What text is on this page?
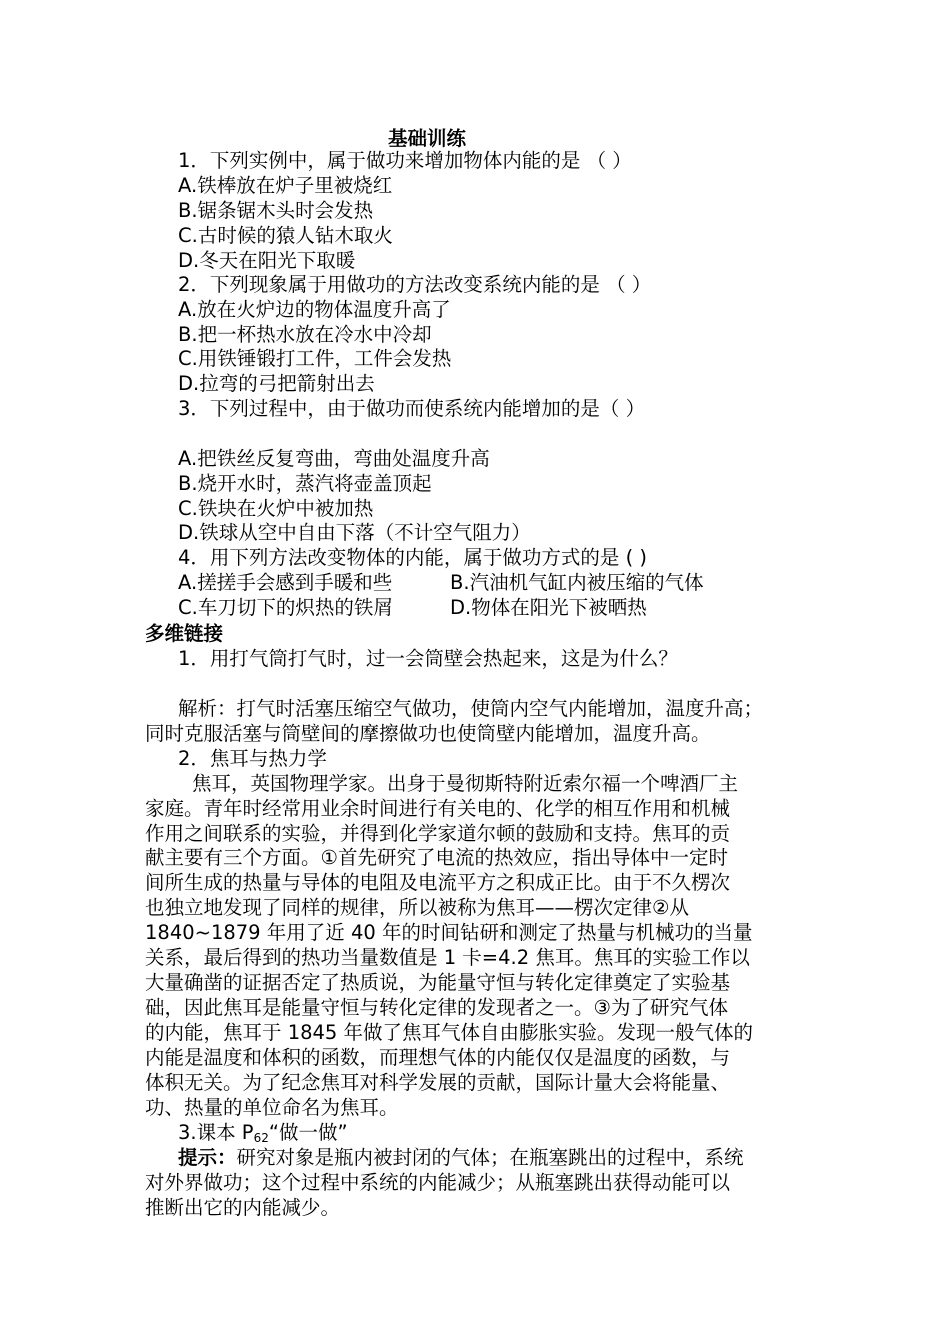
基础训练
1．下列实例中，属于做功来增加物体内能的是 （ ）
A.铁棒放在炉子里被烧红
B.锯条锯木头时会发热
C.古时候的猿人钻木取火
D.冬天在阳光下取暖
2．下列现象属于用做功的方法改变系统内能的是 （ ）
A.放在火炉边的物体温度升高了
B.把一杯热水放在冷水中冷却
C.用铁锤锻打工件，工件会发热
D.拉弯的弓把箭射出去
3．下列过程中，由于做功而使系统内能增加的是（ ）
A.把铁丝反复弯曲，弯曲处温度升高
B.烧开水时，蒸汽将壶盖顶起
C.铁块在火炉中被加热
D.铁球从空中自由下落（不计空气阻力）
4．用下列方法改变物体的内能，属于做功方式的是 ( )
A.搓搓手会感到手暖和些	B.汽油机气缸内被压缩的气体
C.车刀切下的炽热的铁屑	D.物体在阳光下被晒热
多维链接
1．用打气筒打气时，过一会筒壁会热起来，这是为什么？
解析：打气时活塞压缩空气做功，使筒内空气内能增加，温度升高；
同时克服活塞与筒壁间的摩擦做功也使筒壁内能增加，温度升高。
2．焦耳与热力学
焦耳，英国物理学家。出身于曼彻斯特附近索尔福一个啤酒厂主
家庭。青年时经常用业余时间进行有关电的、化学的相互作用和机械
作用之间联系的实验，并得到化学家道尔顿的鼓励和支持。焦耳的贡
献主要有三个方面。①首先研究了电流的热效应，指出导体中一定时
间所生成的热量与导体的电阻及电流平方之积成正比。由于不久楞次
也独立地发现了同样的规律，所以被称为焦耳——楞次定律②从
1840~1879 年用了近 40 年的时间钻研和测定了热量与机械功的当量
关系，最后得到的热功当量数值是 1 卡=4.2 焦耳。焦耳的实验工作以
大量确凿的证据否定了热质说，为能量守恒与转化定律奠定了实验基
础，因此焦耳是能量守恒与转化定律的发现者之一。③为了研究气体
的内能，焦耳于 1845 年做了焦耳气体自由膨胀实验。发现一般气体的
内能是温度和体积的函数，而理想气体的内能仅仅是温度的函数，与
体积无关。为了纪念焦耳对科学发展的贡献，国际计量大会将能量、
功、热量的单位命名为焦耳。
3.课本 $P_{62}“$做一做”
提示：研究对象是瓶内被封闭的气体；在瓶塞跳出的过程中，系统
对外界做功；这个过程中系统的内能减少；从瓶塞跳出获得动能可以
推断出它的内能减少。
